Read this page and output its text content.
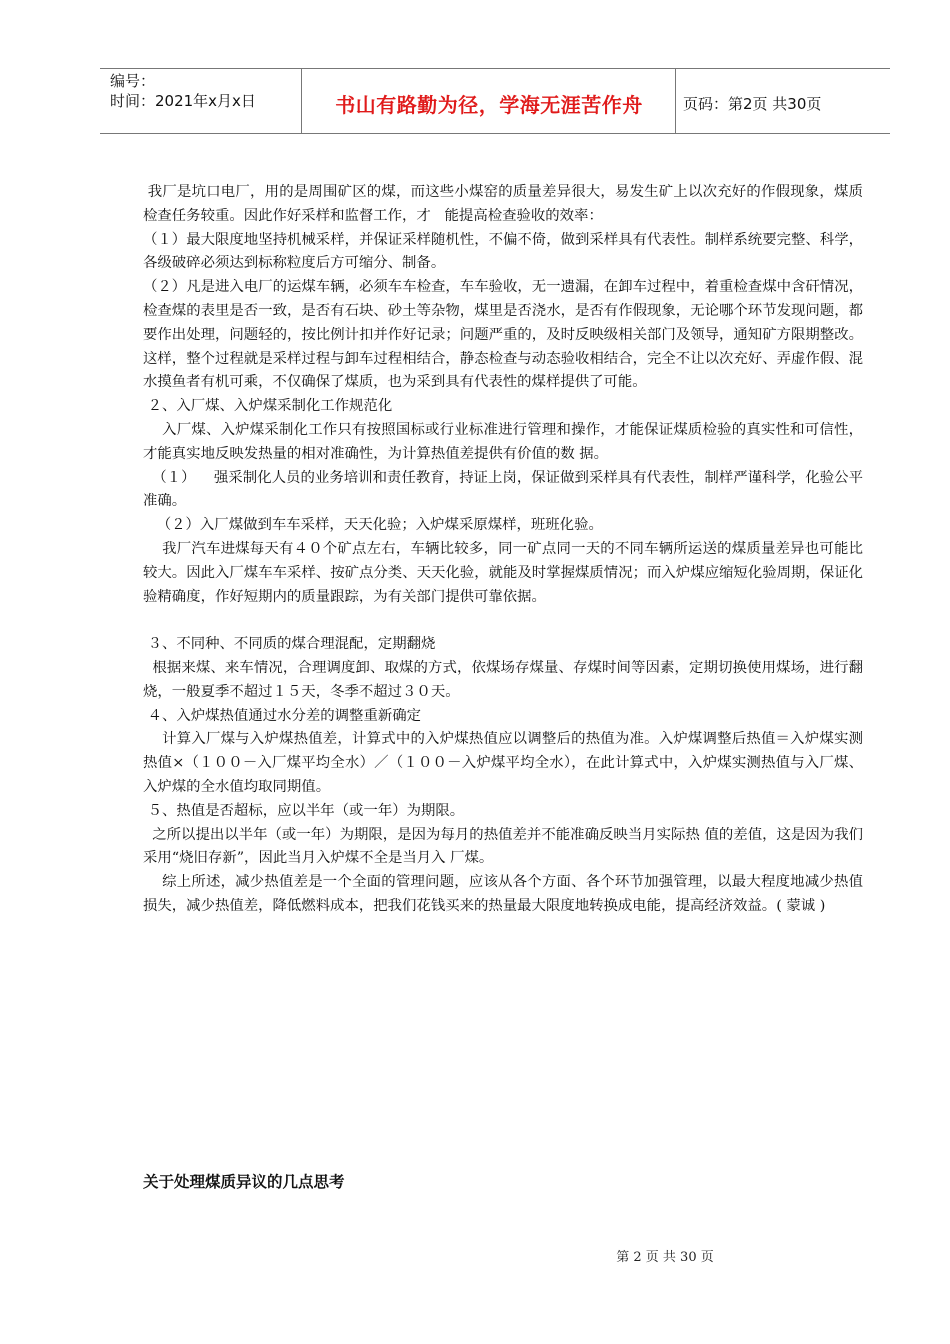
编号：
时间：2021年x月x日	书山有路勤为径，学海无涯苦作舟	页码：第2页 共30页

我厂是坑口电厂，用的是周围矿区的煤，而这些小煤窑的质量差异很大，易发生矿上以次充好的作假现象，煤质检查任务较重。因此作好采样和监督工作，才   能提高检查验收的效率：

（１）最大限度地坚持机械采样，并保证采样随机性，不偏不倚，做到采样具有代表性。制样系统要完整、科学，各级破碎必须达到标称粒度后方可缩分、制备。

（２）凡是进入电厂的运煤车辆，必须车车检查，车车验收，无一遗漏，在卸车过程中，着重检查煤中含矸情况，检查煤的表里是否一致，是否有石块、砂土等杂物，煤里是否浇水，是否有作假现象，无论哪个环节发现问题，都要作出处理，问题轻的，按比例计扣并作好记录；问题严重的，及时反映级相关部门及领导，通知矿方限期整改。这样，整个过程就是采样过程与卸车过程相结合，静态检查与动态验收相结合，完全不让以次充好、弄虚作假、混水摸鱼者有机可乘，不仅确保了煤质，也为采到具有代表性的煤样提供了可能。

２、入厂煤、入炉煤采制化工作规范化

入厂煤、入炉煤采制化工作只有按照国标或行业标准进行管理和操作，才能保证煤质检验的真实性和可信性，才能真实地反映发热量的相对准确性，为计算热值差提供有价值的数 据。

（１）    强采制化人员的业务培训和责任教育，持证上岗，保证做到采样具有代表性，制样严谨科学，化验公平准确。

（２）入厂煤做到车车采样，天天化验；入炉煤采原煤样，班班化验。

我厂汽车进煤每天有４０个矿点左右，车辆比较多，同一矿点同一天的不同车辆所运送的煤质量差异也可能比较大。因此入厂煤车车采样、按矿点分类、天天化验，就能及时掌握煤质情况；而入炉煤应缩短化验周期，保证化验精确度，作好短期内的质量跟踪，为有关部门提供可靠依据。

３、不同种、不同质的煤合理混配，定期翻烧

根据来煤、来车情况，合理调度卸、取煤的方式，依煤场存煤量、存煤时间等因素，定期切换使用煤场，进行翻烧，一般夏季不超过１５天，冬季不超过３０天。

４、入炉煤热值通过水分差的调整重新确定

计算入厂煤与入炉煤热值差，计算式中的入炉煤热值应以调整后的热值为准。入炉煤调整后热值＝入炉煤实测热值×（１００－入厂煤平均全水）／（１００－入炉煤平均全水），在此计算式中，入炉煤实测热值与入厂煤、入炉煤的全水值均取同期值。

５、热值是否超标，应以半年（或一年）为期限。

之所以提出以半年（或一年）为期限，是因为每月的热值差并不能准确反映当月实际热 值的差值，这是因为我们采用“烧旧存新”，因此当月入炉煤不全是当月入 厂煤。

综上所述，减少热值差是一个全面的管理问题，应该从各个方面、各个环节加强管理，以最大程度地减少热值损失，减少热值差，降低燃料成本，把我们花钱买来的热量最大限度地转换成电能，提高经济效益。( 蒙诚 )

关于处理煤质异议的几点思考
第 2 页 共 30 页
